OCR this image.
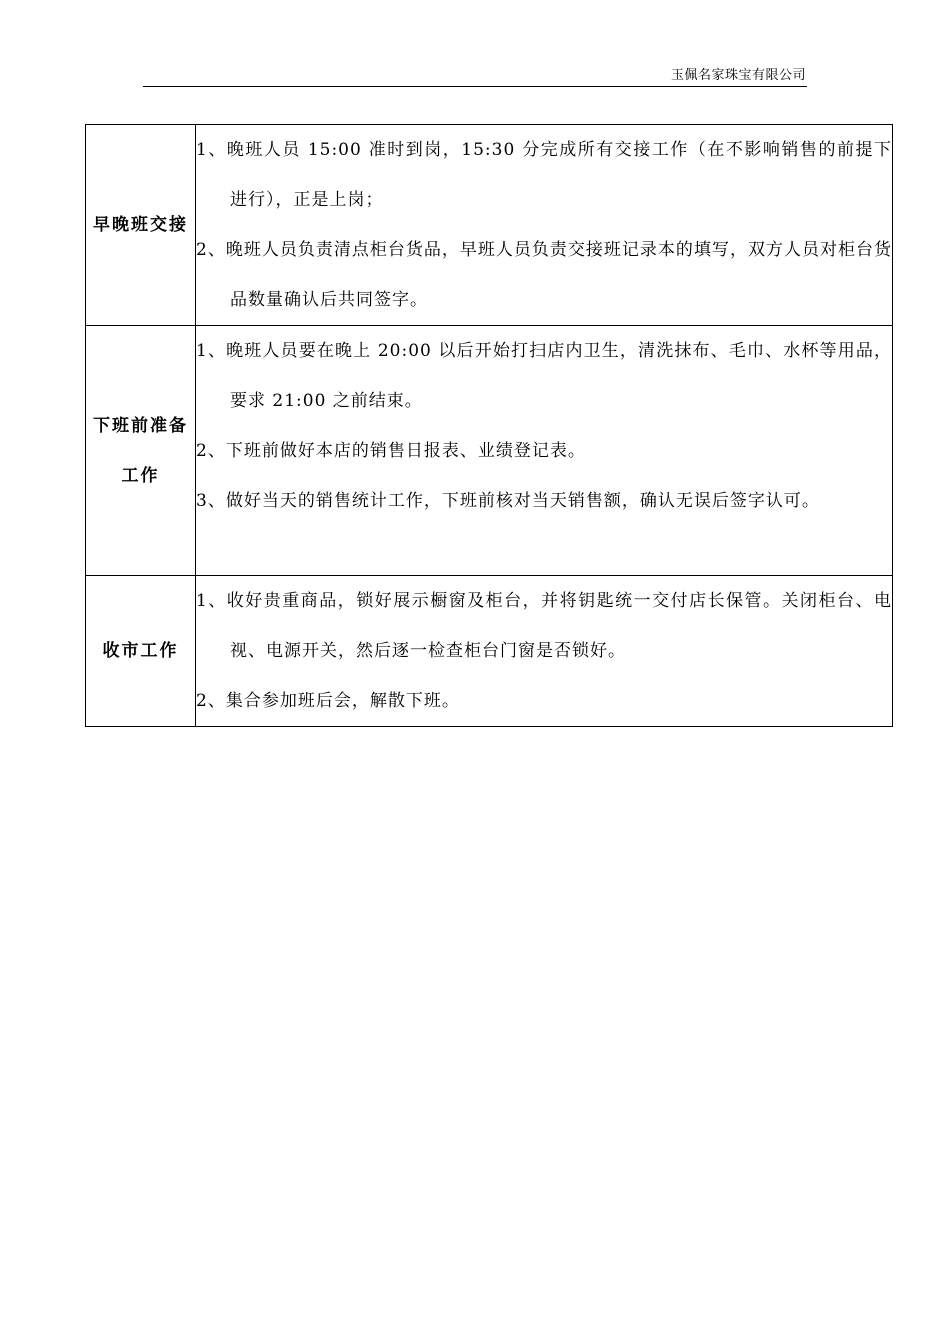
玉佩名家珠宝有限公司
早晚班交接	1、晚班人员 15:00 准时到岗，15:30 分完成所有交接工作（在不影响销售的前提下进行），正是上岗；
2、晚班人员负责清点柜台货品，早班人员负责交接班记录本的填写，双方人员对柜台货品数量确认后共同签字。

下班前准备工作	1、晚班人员要在晚上 20:00 以后开始打扫店内卫生，清洗抹布、毛巾、水杯等用品，要求 21:00 之前结束。
2、下班前做好本店的销售日报表、业绩登记表。
3、做好当天的销售统计工作，下班前核对当天销售额，确认无误后签字认可。

收市工作	1、收好贵重商品，锁好展示橱窗及柜台，并将钥匙统一交付店长保管。关闭柜台、电视、电源开关，然后逐一检查柜台门窗是否锁好。
2、集合参加班后会，解散下班。
